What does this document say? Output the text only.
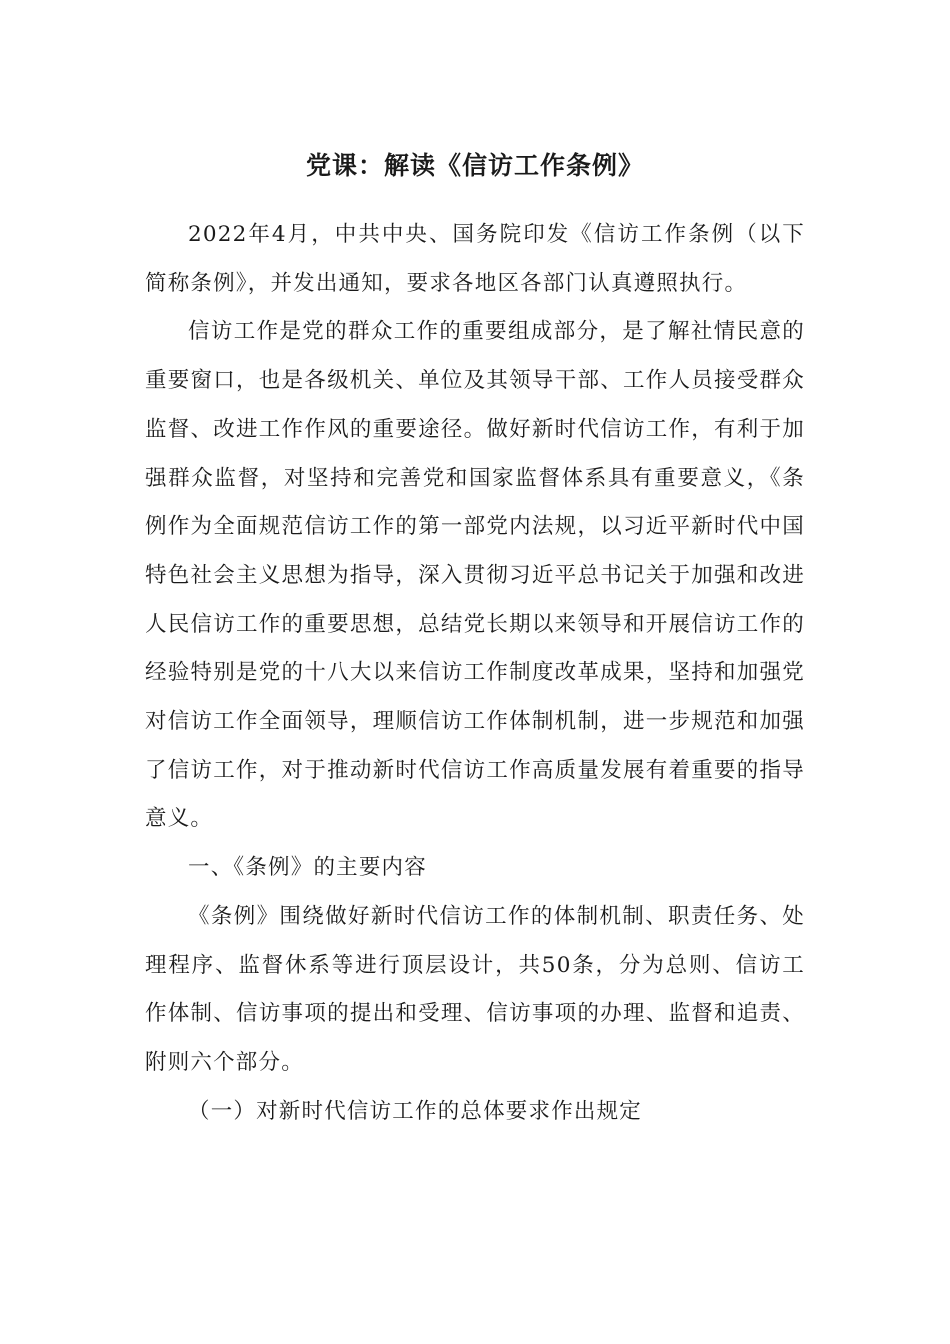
党课：解读《信访工作条例》

2022年4月，中共中央、国务院印发《信访工作条例（以下简称条例》，并发出通知，要求各地区各部门认真遵照执行。

信访工作是党的群众工作的重要组成部分，是了解社情民意的重要窗口，也是各级机关、单位及其领导干部、工作人员接受群众监督、改进工作作风的重要途径。做好新时代信访工作，有利于加强群众监督，对坚持和完善党和国家监督体系具有重要意义，《条例作为全面规范信访工作的第一部党内法规，以习近平新时代中国特色社会主义思想为指导，深入贯彻习近平总书记关于加强和改进人民信访工作的重要思想，总结党长期以来领导和开展信访工作的经验特别是党的十八大以来信访工作制度改革成果，坚持和加强党对信访工作全面领导，理顺信访工作体制机制，进一步规范和加强了信访工作，对于推动新时代信访工作高质量发展有着重要的指导意义。

一、《条例》的主要内容

《条例》围绕做好新时代信访工作的体制机制、职责任务、处理程序、监督休系等进行顶层设计，共50条，分为总则、信访工作体制、信访事项的提出和受理、信访事项的办理、监督和追责、附则六个部分。

（一）对新时代信访工作的总体要求作出规定
